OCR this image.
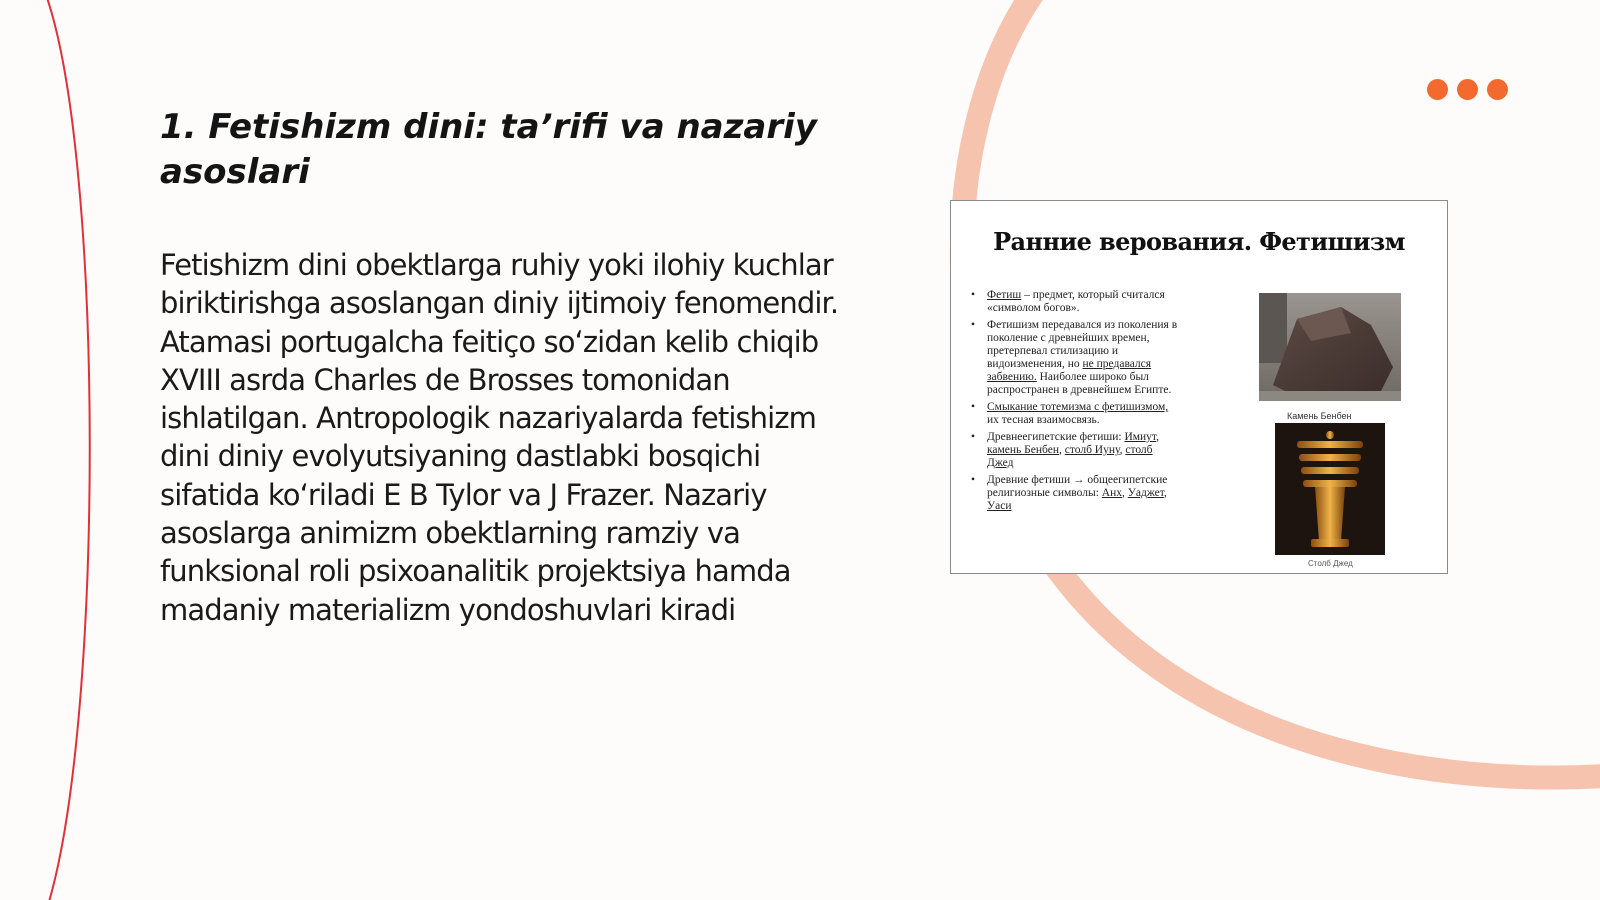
1. Fetishizm dini: ta’rifi va nazariy asoslari

Fetishizm dini obektlarga ruhiy yoki ilohiy kuchlar biriktirishga asoslangan diniy ijtimoiy fenomendir. Atamasi portugalcha feitiço so‘zidan kelib chiqib XVIII asrda Charles de Brosses tomonidan ishlatilgan. Antropologik nazariyalarda fetishizm dini diniy evolyutsiyaning dastlabki bosqichi sifatida ko‘riladi E B Tylor va J Frazer. Nazariy asoslarga animizm obektlarning ramziy va funksional roli psixoanalitik projektsiya hamda madaniy materializm yondoshuvlari kiradi

Ранние верования. Фетишизм
• Фетиш – предмет, который считался «символом богов».
• Фетишизм передавался из поколения в поколение с древнейших времен, претерпевал стилизацию и видоизменения, но не предавался забвению. Наиболее широко был распространен в древнейшем Египте.
• Смыкание тотемизма с фетишизмом, их тесная взаимосвязь.
• Древнеегипетские фетиши: Имиут, камень Бенбен, столб Иуну, столб Джед
• Древние фетиши → общеегипетские религиозные символы: Анх, Уаджет, Уаси
Камень Бенбен
Столб Джед
